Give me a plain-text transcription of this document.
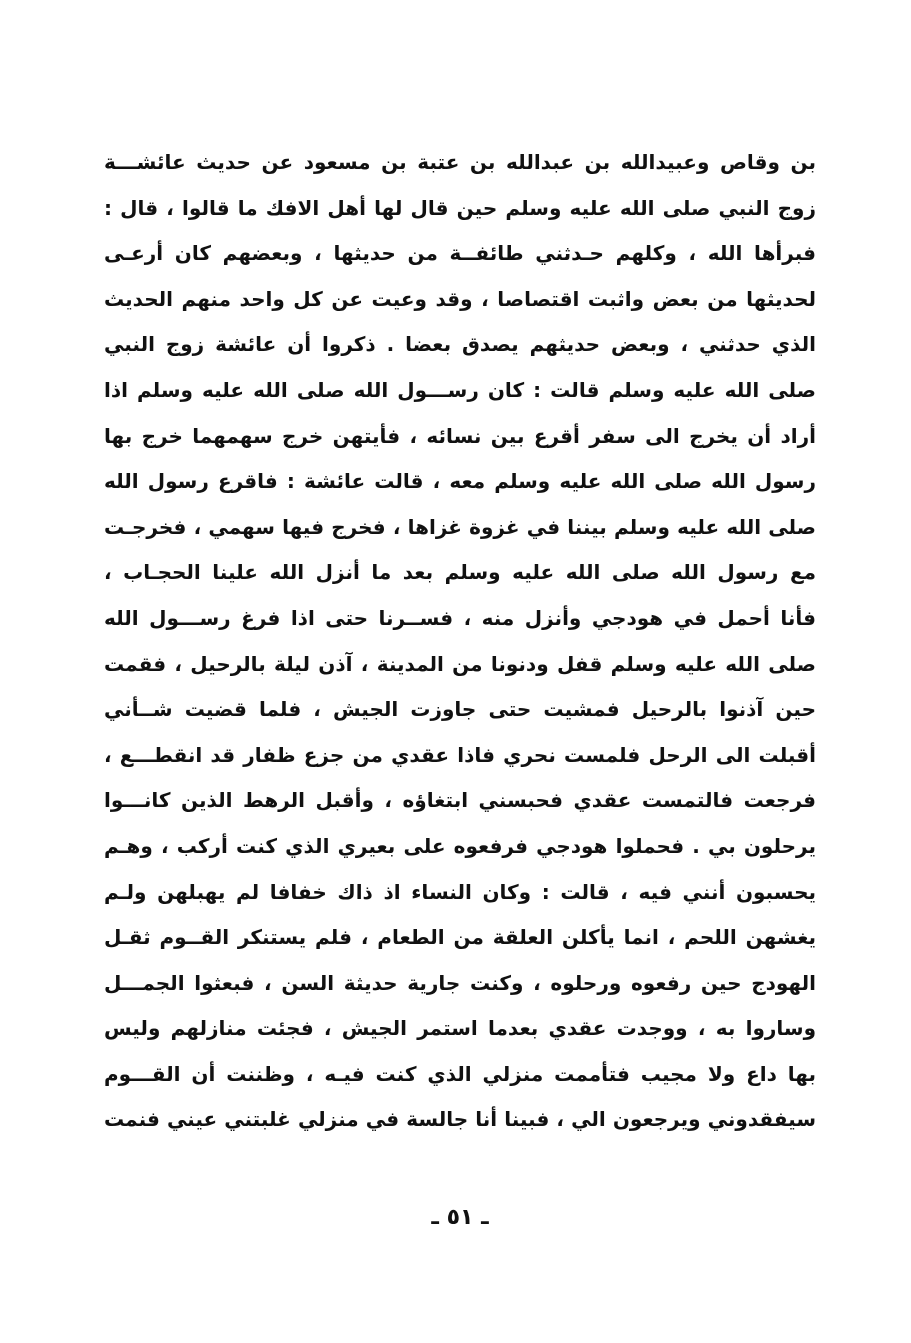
بن وقاص وعبيدالله بن عبدالله بن عتبة بن مسعود عن حديث عائشـــة
زوج النبي صلى الله عليه وسلم حين قال لها أهل الافك ما قالوا ، قال :
فبرأها الله ، وكلهم حـدثني طائفــة من حديثها ، وبعضهم كان أرعـى
لحديثها من بعض واثبت اقتصاصا ، وقد وعيت عن كل واحد منهم الحديث
الذي حدثني ، وبعض حديثهم يصدق بعضا . ذكروا أن عائشة زوج النبي
صلى الله عليه وسلم قالت : كان رســـول الله صلى الله عليه وسلم اذا
أراد أن يخرج الى سفر أقرع بين نسائه ، فأيتهن خرج سهمهما خرج بها
رسول الله صلى الله عليه وسلم معه ، قالت عائشة : فاقرع رسول الله
صلى الله عليه وسلم بيننا في غزوة غزاها ، فخرج فيها سهمي ، فخرجـت
مع رسول الله صلى الله عليه وسلم بعد ما أنزل الله علينا الحجـاب ،
فأنا أحمل في هودجي وأنزل منه ، فســرنا حتى اذا فرغ رســـول الله
صلى الله عليه وسلم قفل ودنونا من المدينة ، آذن ليلة بالرحيل ، فقمت
حين آذنوا بالرحيل فمشيت حتى جاوزت الجيش ، فلما قضيت شــأني
أقبلت الى الرحل فلمست نحري فاذا عقدي من جزع ظفار قد انقطـــع ،
فرجعت فالتمست عقدي فحبسني ابتغاؤه ، وأقبل الرهط الذين كانـــوا
يرحلون بي . فحملوا هودجي فرفعوه على بعيري الذي كنت أركب ، وهـم
يحسبون أنني فيه ، قالت : وكان النساء اذ ذاك خفافا لم يهبلهن ولـم
يغشهن اللحم ، انما يأكلن العلقة من الطعام ، فلم يستنكر القــوم ثقـل
الهودج حين رفعوه ورحلوه ، وكنت جارية حديثة السن ، فبعثوا الجمـــل
وساروا به ، ووجدت عقدي بعدما استمر الجيش ، فجئت منازلهم وليس
بها داع ولا مجيب فتأممت منزلي الذي كنت فيـه ، وظننت أن القـــوم
سيفقدوني ويرجعون الي ، فبينا أنا جالسة في منزلي غلبتني عيني فنمت
ـ ٥١ ـ
